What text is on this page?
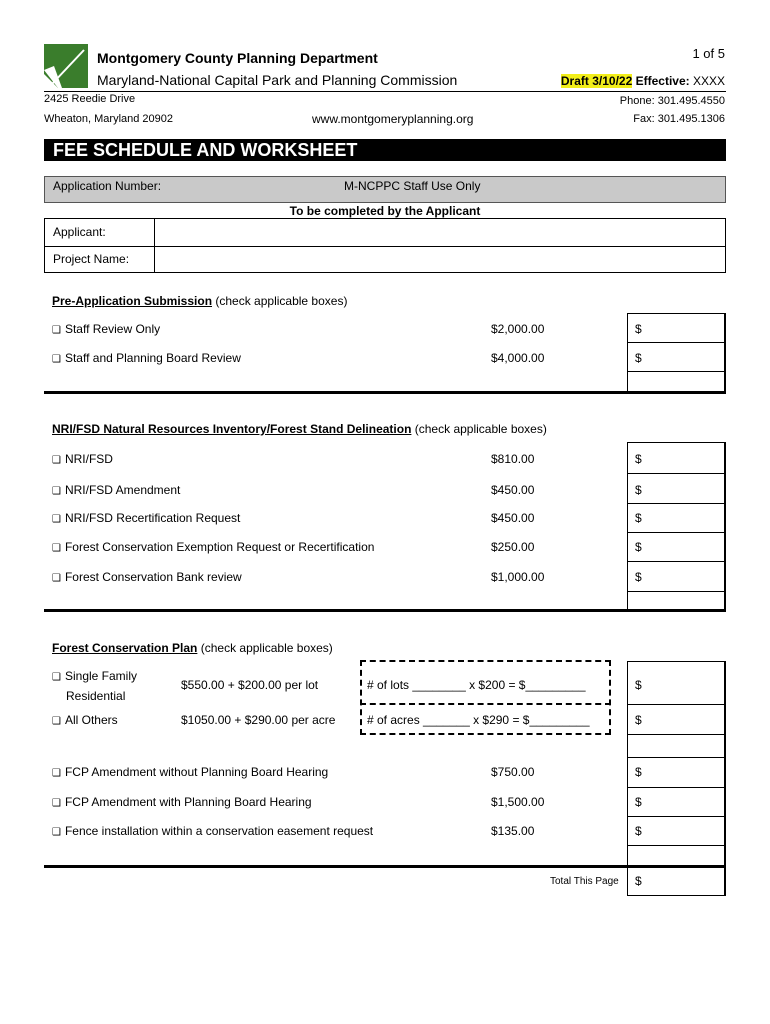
Montgomery County Planning Department
Maryland-National Capital Park and Planning Commission
1 of 5
Draft 3/10/22 Effective: XXXX
2425 Reedie Drive
Wheaton, Maryland 20902	www.montgomeryplanning.org
Phone: 301.495.4550
Fax: 301.495.1306
FEE SCHEDULE AND WORKSHEET
Application Number:	M-NCPPC Staff Use Only
To be completed by the Applicant
Applicant:
Project Name:
Pre-Application Submission (check applicable boxes)
❑ Staff Review Only	$2,000.00	$
❑ Staff and Planning Board Review	$4,000.00	$
NRI/FSD Natural Resources Inventory/Forest Stand Delineation (check applicable boxes)
❑ NRI/FSD	$810.00	$
❑ NRI/FSD Amendment	$450.00	$
❑ NRI/FSD Recertification Request	$450.00	$
❑ Forest Conservation Exemption Request or Recertification	$250.00	$
❑ Forest Conservation Bank review	$1,000.00	$
Forest Conservation Plan (check applicable boxes)
❑ Single Family
Residential
$550.00 + $200.00 per lot	# of lots ________ x $200 = $_________	$
❑ All Others	$1050.00 + $290.00 per acre	# of acres _______ x $290 = $_________	$
❑ FCP Amendment without Planning Board Hearing	$750.00	$
❑ FCP Amendment with Planning Board Hearing	$1,500.00	$
❑ Fence installation within a conservation easement request	$135.00	$
Total This Page $
